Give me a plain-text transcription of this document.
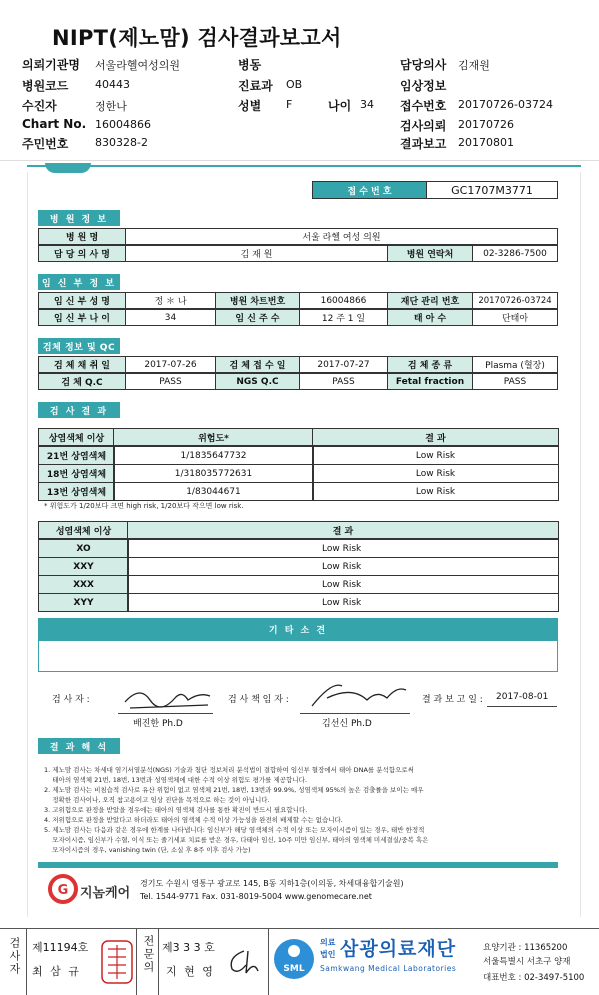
NIPT(제노맘) 검사결과보고서
의뢰기관명 서울라헬여성의원	병동	담당의사 김재원
병원코드 40443	진료과 OB	임상정보
수진자	정한나	성별 F	나이 34 접수번호 20170726-03724
Chart No. 16004866	검사의뢰 20170726
주민번호 830328-2	결과보고 20170801
접 수 번 호	GC1707M3771
병 원 정 보
병 원 명	서울 라헬 여성 의원
담 당 의 사 명	김 재 원	병원 연락처	02-3286-7500
임 신 부 정 보
임 신 부 성 명	정 ＊ 나	병원 차트번호	16004866	재단 관리 번호	20170726-03724
임 신 부 나 이	34	임 신 주 수	12 주 1 일	태 아 수	단태아
검체 정보 및 QC
검 체 채 취 일	2017-07-26	검 체 접 수 일	2017-07-27	검 체 종 류	Plasma (혈장)
검 체 Q.C	PASS	NGS Q.C	PASS	Fetal fraction	PASS
검 사 결 과
상염색체 이상	위험도*	결 과
21번 상염색체	1/1835647732	Low Risk
18번 상염색체	1/318035772631	Low Risk
13번 상염색체	1/83044671	Low Risk
* 위험도가 1/20보다 크면 high risk, 1/20보다 작으면 low risk.
성염색체 이상	결 과
XO	Low Risk
XXY	Low Risk
XXX	Low Risk
XYY	Low Risk
기 타 소 견
검 사 자 :
배진한 Ph.D
검 사 책 임 자 :
김선신 Ph.D
결 과 보 고 일 : 2017-08-01
결 과 해 석
1. 제노맘 검사는 차세대 염기서열분석(NGS) 기술과 첨단 정보처리 분석법이 결합하여 임신부 혈장에서 태아 DNA를 분석함으로써
태아의 염색체 21번, 18번, 13번과 성염색체에 대한 수적 이상 위험도 평가를 제공합니다.
2. 제노맘 검사는 비침습적 검사로 유산 위험이 없고 염색체 21번, 18번, 13번과 99.9%, 성염색체 95%의 높은 검출률을 보이는 매우
정확한 검사이나, 오직 참고용이고 임상 진단을 목적으로 하는 것이 아닙니다.
3. 고위험으로 판정을 받았을 경우에는 태아의 염색체 검사를 통한 확진이 반드시 필요합니다.
4. 저위험으로 판정을 받았다고 하더라도 태아의 염색체 수적 이상 가능성을 완전히 배제할 수는 없습니다.
5. 제노맘 검사는 다음과 같은 경우에 한계를 나타냅니다: 임신부가 해당 염색체의 수적 이상 또는 모자이시즘이 있는 경우, 태반 한정적
모자이시즘, 임신부가 수혈, 이식 또는 줄기세포 치료를 받은 경우, 다태아 임신, 10주 미만 임신부, 태아의 염색체 미세결실/중복 혹은
모자이시즘의 경우, vanishing twin (단, 소실 후 8주 이후 검사 가능)
G 지놈케어
경기도 수원시 영통구 광교로 145, B동 지하1층(이의동, 차세대융합기술원)
Tel. 1544-9771 Fax. 031-8019-5004 www.genomecare.net
검사자 제11194호
최 삼 규	전문의 제3 3 3 호
지 현 영	SML
의료
법인 삼광의료재단
Samkwang Medical Laboratories
요양기관 : 11365200
서울특별시 서초구 양재
대표번호 : 02-3497-5100
